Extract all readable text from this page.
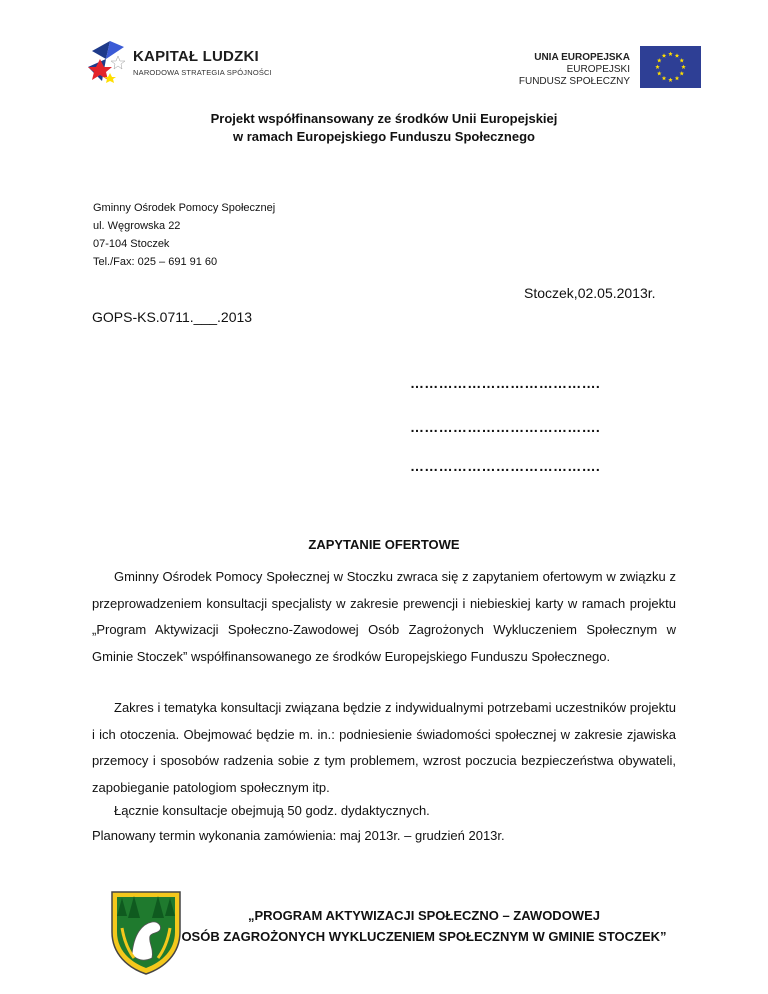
KAPITAŁ LUDZKI
NARODOWA STRATEGIA SPÓJNOŚCI
UNIA EUROPEJSKA
EUROPEJSKI
FUNDUSZ SPOŁECZNY
Projekt współfinansowany ze środków Unii Europejskiej
w ramach Europejskiego Funduszu Społecznego
Gminny Ośrodek Pomocy Społecznej
ul. Węgrowska 22
07-104 Stoczek
Tel./Fax: 025 – 691 91 60
Stoczek,02.05.2013r.
GOPS-KS.0711.___.2013
………………………………….
………………………………….
………………………………….
ZAPYTANIE OFERTOWE

Gminny Ośrodek Pomocy Społecznej w Stoczku zwraca się z zapytaniem ofertowym w związku z przeprowadzeniem konsultacji specjalisty w zakresie prewencji i niebieskiej karty w ramach projektu „Program Aktywizacji Społeczno-Zawodowej Osób Zagrożonych Wykluczeniem Społecznym w Gminie Stoczek” współfinansowanego ze środków Europejskiego Funduszu Społecznego.

Zakres i tematyka konsultacji związana będzie z indywidualnymi potrzebami uczestników projektu i ich otoczenia. Obejmować będzie m. in.: podniesienie świadomości społecznej w zakresie zjawiska przemocy i sposobów radzenia sobie z tym problemem, wzrost poczucia bezpieczeństwa obywateli, zapobieganie patologiom społecznym itp.

Łącznie konsultacje obejmują 50 godz. dydaktycznych.

Planowany termin wykonania zamówienia: maj 2013r. – grudzień 2013r.

„PROGRAM AKTYWIZACJI SPOŁECZNO – ZAWODOWEJ
OSÓB ZAGROŻONYCH WYKLUCZENIEM SPOŁECZNYM W GMINIE STOCZEK”
